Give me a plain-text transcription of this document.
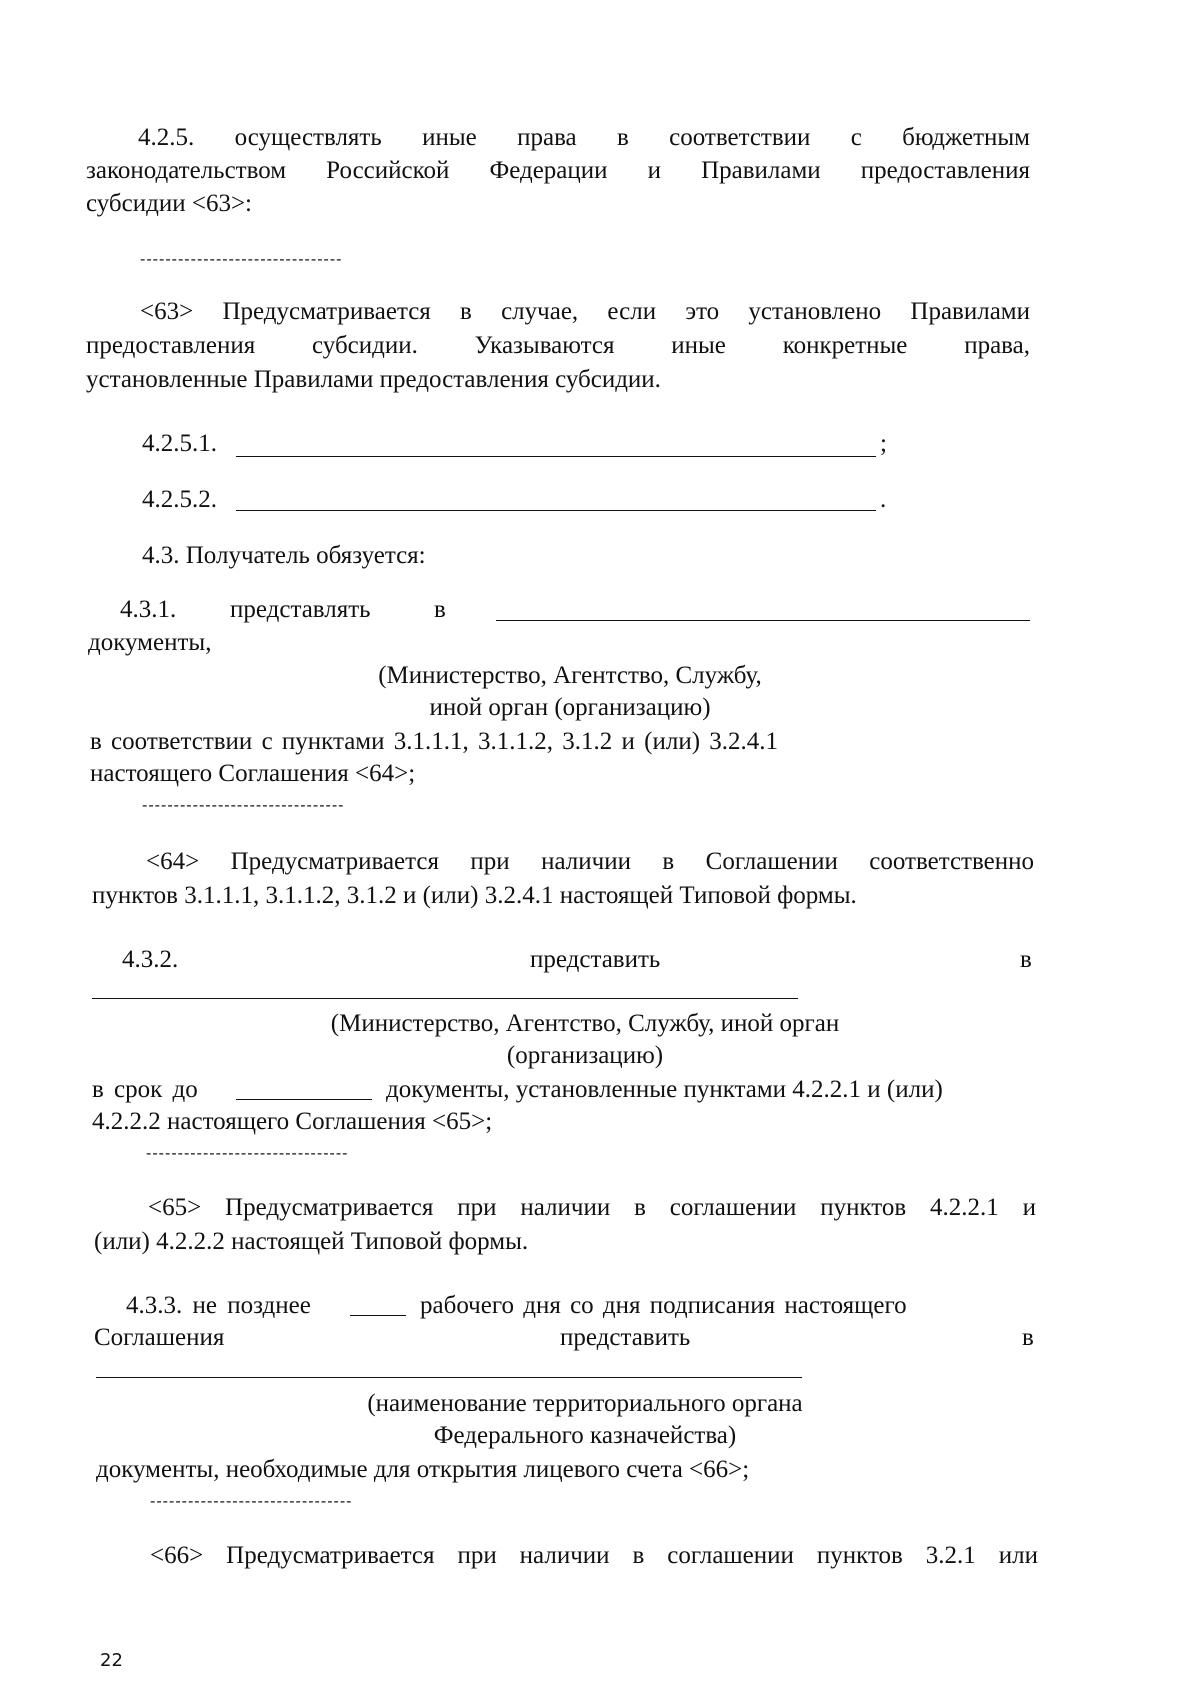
4.2.5. осуществлять иные права в соответствии с бюджетным
законодательством Российской Федерации и Правилами предоставления
субсидии <63>:
--------------------------------
<63> Предусматривается в случае, если это установлено Правилами
предоставления субсидии. Указываются иные конкретные права,
установленные Правилами предоставления субсидии.
4.2.5.1.	;
4.2.5.2.	.
4.3. Получатель обязуется:
4.3.1. представлять	в
документы,
(Министерство, Агентство, Службу,
иной орган (организацию)
в соответствии с пунктами 3.1.1.1, 3.1.1.2, 3.1.2 и (или) 3.2.4.1
настоящего Соглашения <64>;
--------------------------------
<64> Предусматривается при наличии в Соглашении соответственно
пунктов 3.1.1.1, 3.1.1.2, 3.1.2 и (или) 3.2.4.1 настоящей Типовой формы.
4.3.2.	представить	в
(Министерство, Агентство, Службу, иной орган
(организацию)
в срок до	документы, установленные пунктами 4.2.2.1 и (или)
4.2.2.2 настоящего Соглашения <65>;
--------------------------------
<65> Предусматривается при наличии в соглашении пунктов 4.2.2.1 и
(или) 4.2.2.2 настоящей Типовой формы.
4.3.3. не позднее	рабочего дня со дня подписания настоящего
Соглашения	представить	в
(наименование территориального органа
Федерального казначейства)
документы, необходимые для открытия лицевого счета <66>;
--------------------------------
<66> Предусматривается при наличии в соглашении пунктов 3.2.1 или
22
